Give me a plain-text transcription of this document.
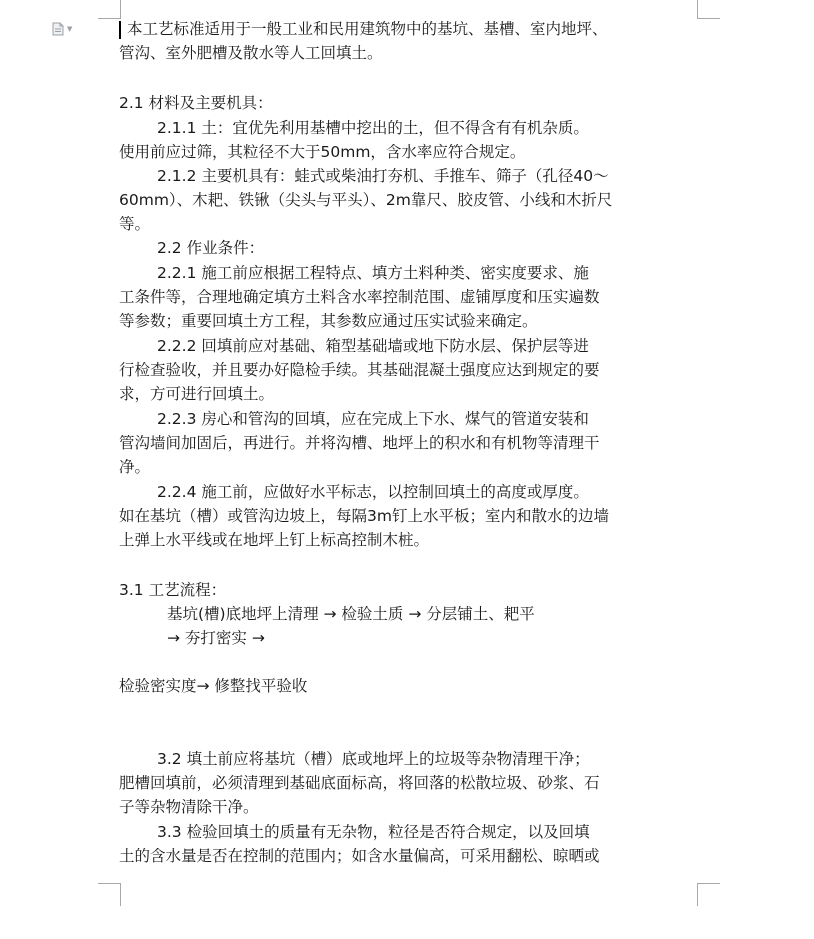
▼	本工艺标准适用于一般工业和民用建筑物中的基坑、基槽、室内地坪、
管沟、室外肥槽及散水等人工回填土。
2.1 材料及主要机具：
2.1.1 土：宜优先利用基槽中挖出的土，但不得含有有机杂质。
使用前应过筛，其粒径不大于50mm，含水率应符合规定。
2.1.2 主要机具有：蛙式或柴油打夯机、手推车、筛子（孔径40～
60mm）、木耙、铁锹（尖头与平头）、2m靠尺、胶皮管、小线和木折尺
等。
2.2 作业条件：
2.2.1 施工前应根据工程特点、填方土料种类、密实度要求、施
工条件等，合理地确定填方土料含水率控制范围、虚铺厚度和压实遍数
等参数；重要回填土方工程，其参数应通过压实试验来确定。
2.2.2 回填前应对基础、箱型基础墙或地下防水层、保护层等进
行检查验收，并且要办好隐检手续。其基础混凝土强度应达到规定的要
求，方可进行回填土。
2.2.3 房心和管沟的回填，应在完成上下水、煤气的管道安装和
管沟墙间加固后，再进行。并将沟槽、地坪上的积水和有机物等清理干
净。
2.2.4 施工前，应做好水平标志，以控制回填土的高度或厚度。
如在基坑（槽）或管沟边坡上，每隔3m钉上水平板；室内和散水的边墙
上弹上水平线或在地坪上钉上标高控制木桩。
3.1 工艺流程：
基坑(槽)底地坪上清理 → 检验土质 → 分层铺土、耙平
→ 夯打密实 →
检验密实度→ 修整找平验收
3.2 填土前应将基坑（槽）底或地坪上的垃圾等杂物清理干净；
肥槽回填前，必须清理到基础底面标高，将回落的松散垃圾、砂浆、石
子等杂物清除干净。
3.3 检验回填土的质量有无杂物，粒径是否符合规定，以及回填
土的含水量是否在控制的范围内；如含水量偏高，可采用翻松、晾晒或
